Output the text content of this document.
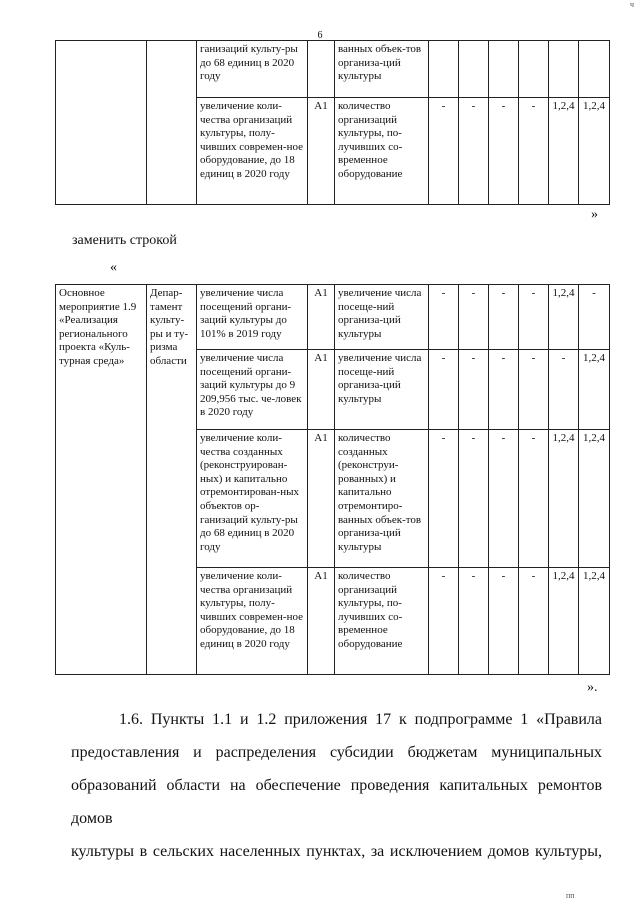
ч
6
		ганизаций культу-ры до 68 единиц в 2020 году		ванных объек-тов организа-ций культуры						
		увеличение коли-чества организаций культуры, полу-чивших современ-ное оборудование, до 18 единиц в 2020 году	А1	количество организаций культуры, по-лучивших со-временное оборудование	-	-	-	-	1,2,4	1,2,4
»
заменить строкой
«
Основное мероприятие 1.9 «Реализация регионального проекта «Куль-турная среда»	Депар-тамент культу-ры и ту-ризма области	увеличение числа посещений органи-заций культуры до 101% в 2019 году	А1	увеличение числа посеще-ний организа-ций культуры	-	-	-	-	1,2,4	-
		увеличение числа посещений органи-заций культуры до 9 209,956 тыс. че-ловек в 2020 году	А1	увеличение числа посеще-ний организа-ций культуры	-	-	-	-	-	1,2,4
		увеличение коли-чества созданных (реконструирован-ных) и капитально отремонтирован-ных объектов ор-ганизаций культу-ры до 68 единиц в 2020 году	А1	количество созданных (реконструи-рованных) и капитально отремонтиро-ванных объек-тов организа-ций культуры	-	-	-	-	1,2,4	1,2,4
		увеличение коли-чества организаций культуры, полу-чивших современ-ное оборудование, до 18 единиц в 2020 году	А1	количество организаций культуры, по-лучивших со-временное оборудование	-	-	-	-	1,2,4	1,2,4
».
1.6. Пункты 1.1 и 1.2 приложения 17 к подпрограмме 1 «Правила
предоставления и распределения субсидии бюджетам муниципальных
образований области на обеспечение проведения капитальных ремонтов домов
культуры в сельских населенных пунктах, за исключением домов культуры,
пп
